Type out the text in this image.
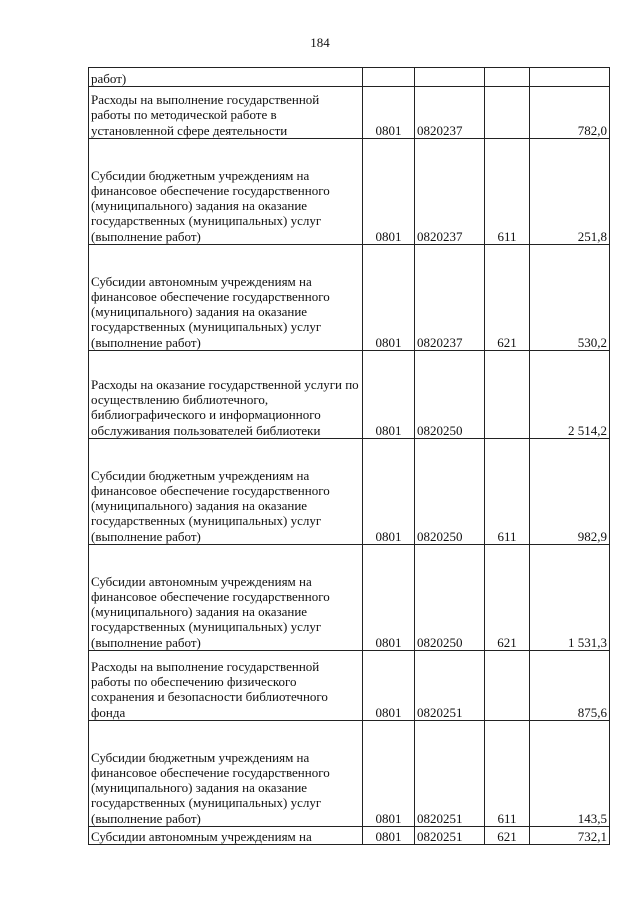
184
работ)				
Расходы на выполнение государственной работы по методической работе в установленной сфере деятельности	0801	0820237		782,0
Субсидии бюджетным учреждениям на финансовое обеспечение государственного (муниципального) задания на оказание государственных (муниципальных) услуг (выполнение работ)	0801	0820237	611	251,8
Субсидии автономным учреждениям на финансовое обеспечение государственного (муниципального) задания на оказание государственных (муниципальных) услуг (выполнение работ)	0801	0820237	621	530,2
Расходы на оказание государственной услуги по осуществлению библиотечного, библиографического и информационного обслуживания пользователей библиотеки	0801	0820250		2 514,2
Субсидии бюджетным учреждениям на финансовое обеспечение государственного (муниципального) задания на оказание государственных (муниципальных) услуг (выполнение работ)	0801	0820250	611	982,9
Субсидии автономным учреждениям на финансовое обеспечение государственного (муниципального) задания на оказание государственных (муниципальных) услуг (выполнение работ)	0801	0820250	621	1 531,3
Расходы на выполнение государственной работы по обеспечению физического сохранения и безопасности библиотечного фонда	0801	0820251		875,6
Субсидии бюджетным учреждениям на финансовое обеспечение государственного (муниципального) задания на оказание государственных (муниципальных) услуг (выполнение работ)	0801	0820251	611	143,5
Субсидии автономным учреждениям на	0801	0820251	621	732,1
